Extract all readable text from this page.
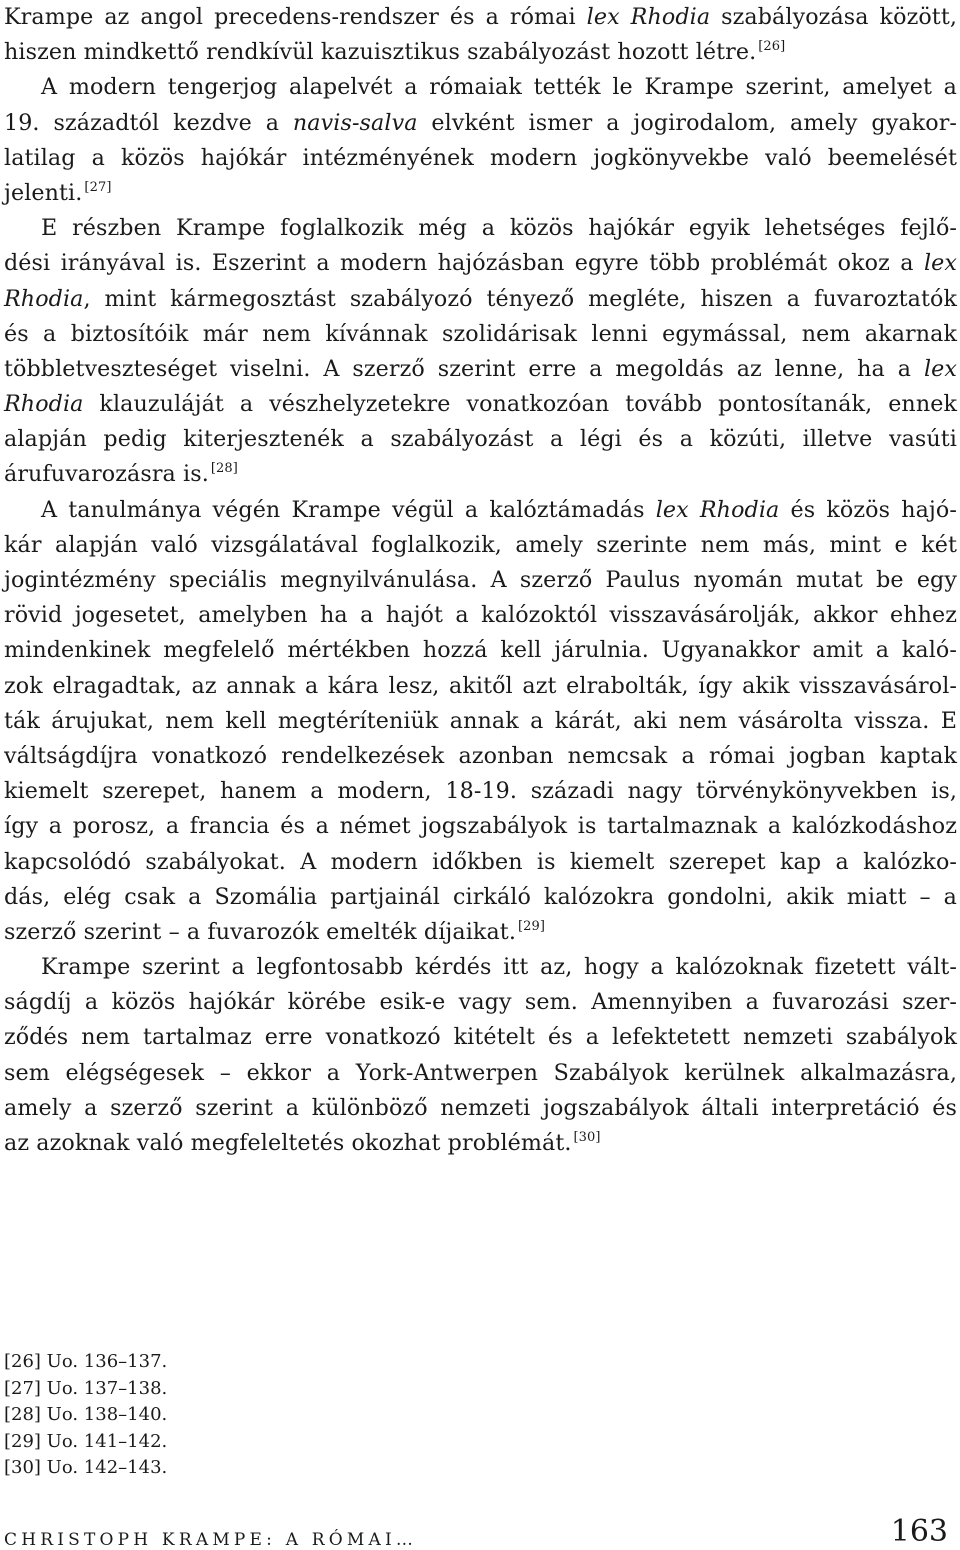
Krampe az angol precedens-rendszer és a római lex Rhodia szabályozása között,
hiszen mindkettő rendkívül kazuisztikus szabályozást hozott létre. [26]
A modern tengerjog alapelvét a rómaiak tették le Krampe szerint, amelyet a
19. századtól kezdve a navis-salva elvként ismer a jogirodalom, amely gyakor-
latilag a közös hajókár intézményének modern jogkönyvekbe való beemelését
jelenti. [27]
E részben Krampe foglalkozik még a közös hajókár egyik lehetséges fejlő-
dési irányával is. Eszerint a modern hajózásban egyre több problémát okoz a lex
Rhodia, mint kármegosztást szabályozó tényező megléte, hiszen a fuvaroztatók
és a biztosítóik már nem kívánnak szolidárisak lenni egymással, nem akarnak
többletveszteséget viselni. A szerző szerint erre a megoldás az lenne, ha a lex
Rhodia klauzuláját a vészhelyzetekre vonatkozóan tovább pontosítanák, ennek
alapján pedig kiterjesztenék a szabályozást a légi és a közúti, illetve vasúti
árufuvarozásra is. [28]
A tanulmánya végén Krampe végül a kalóztámadás lex Rhodia és közös hajó-
kár alapján való vizsgálatával foglalkozik, amely szerinte nem más, mint e két
jogintézmény speciális megnyilvánulása. A szerző Paulus nyomán mutat be egy
rövid jogesetet, amelyben ha a hajót a kalózoktól visszavásárolják, akkor ehhez
mindenkinek megfelelő mértékben hozzá kell járulnia. Ugyanakkor amit a kaló-
zok elragadtak, az annak a kára lesz, akitől azt elrabolták, így akik visszavásárol-
ták árujukat, nem kell megtéríteniük annak a kárát, aki nem vásárolta vissza. E
váltságdíjra vonatkozó rendelkezések azonban nemcsak a római jogban kaptak
kiemelt szerepet, hanem a modern, 18-19. századi nagy törvénykönyvekben is,
így a porosz, a francia és a német jogszabályok is tartalmaznak a kalózkodáshoz
kapcsolódó szabályokat. A modern időkben is kiemelt szerepet kap a kalózko-
dás, elég csak a Szomália partjainál cirkáló kalózokra gondolni, akik miatt – a
szerző szerint – a fuvarozók emelték díjaikat. [29]
Krampe szerint a legfontosabb kérdés itt az, hogy a kalózoknak fizetett vált-
ságdíj a közös hajókár körébe esik-e vagy sem. Amennyiben a fuvarozási szer-
ződés nem tartalmaz erre vonatkozó kitételt és a lefektetett nemzeti szabályok
sem elégségesek – ekkor a York-Antwerpen Szabályok kerülnek alkalmazásra,
amely a szerző szerint a különböző nemzeti jogszabályok általi interpretáció és
az azoknak való megfeleltetés okozhat problémát. [30]
[26] Uo. 136–137.
[27] Uo. 137–138.
[28] Uo. 138–140.
[29] Uo. 141–142.
[30] Uo. 142–143.
CHRISTOPH KRAMPE: A RÓMAI…	163
